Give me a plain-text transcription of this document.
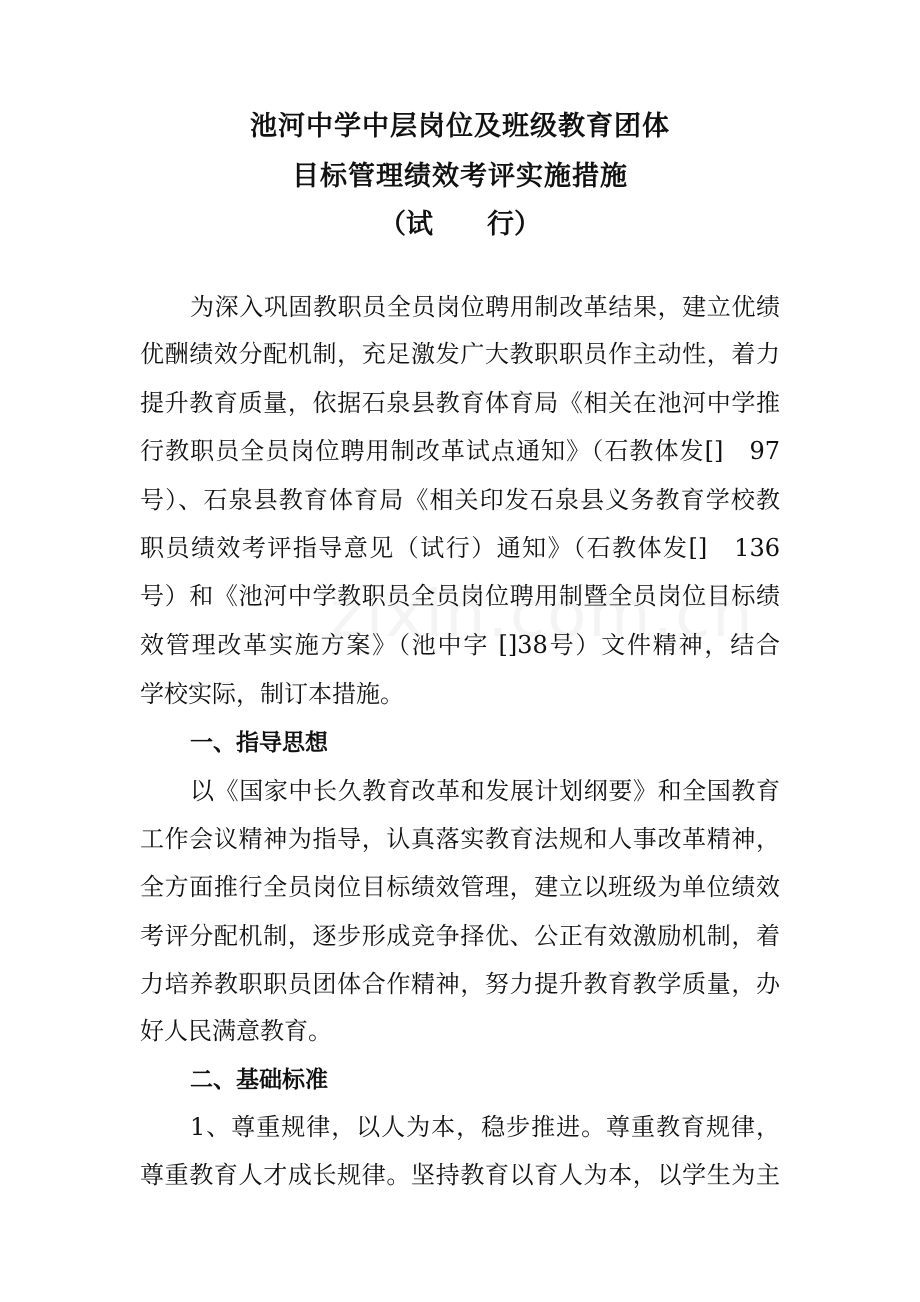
池河中学中层岗位及班级教育团体
目标管理绩效考评实施措施
（试　　行）
为深入巩固教职员全员岗位聘用制改革结果，建立优绩
优酬绩效分配机制，充足激发广大教职职员作主动性，着力
提升教育质量，依据石泉县教育体育局《相关在池河中学推
行教职员全员岗位聘用制改革试点通知》（石教体发[]　97
号）、石泉县教育体育局《相关印发石泉县义务教育学校教
职员绩效考评指导意见（试行）通知》（石教体发[]　136
号）和《池河中学教职员全员岗位聘用制暨全员岗位目标绩
效管理改革实施方案》（池中字 []38号）文件精神，结合
学校实际，制订本措施。
一、指导思想
以《国家中长久教育改革和发展计划纲要》和全国教育
工作会议精神为指导，认真落实教育法规和人事改革精神，
全方面推行全员岗位目标绩效管理，建立以班级为单位绩效
考评分配机制，逐步形成竞争择优、公正有效激励机制，着
力培养教职职员团体合作精神，努力提升教育教学质量，办
好人民满意教育。
二、基础标准
1、尊重规律，以人为本，稳步推进。尊重教育规律，
尊重教育人才成长规律。坚持教育以育人为本，以学生为主
